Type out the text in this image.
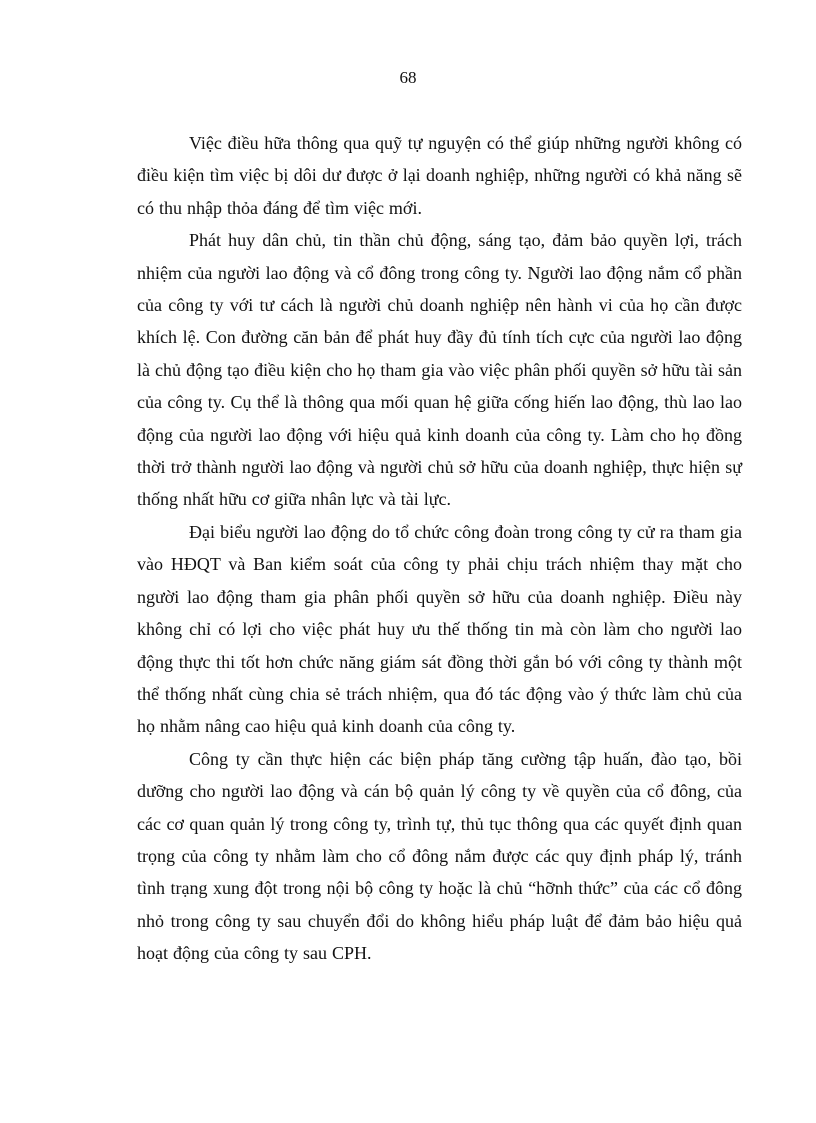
68

Việc điều hữa thông qua quỹ tự nguyện có thể giúp những người không có điều kiện tìm việc bị dôi dư được ở lại doanh nghiệp, những người có khả năng sẽ có thu nhập thỏa đáng để tìm việc mới.

Phát huy dân chủ, tin thần chủ động, sáng tạo, đảm bảo quyền lợi, trách nhiệm của người lao động và cổ đông trong công ty. Người lao động nắm cổ phần của công ty với tư cách là người chủ doanh nghiệp nên hành vi của họ cần được khích lệ. Con đường căn bản để phát huy đầy đủ tính tích cực của người lao động là chủ động tạo điều kiện cho họ tham gia vào việc phân phối quyền sở hữu tài sản của công ty. Cụ thể là thông qua mối quan hệ giữa cống hiến lao động, thù lao lao động của người lao động với hiệu quả kinh doanh của công ty. Làm cho họ đồng thời trở thành người lao động và người chủ sở hữu của doanh nghiệp, thực hiện sự thống nhất hữu cơ giữa nhân lực và tài lực.

Đại biểu người lao động do tổ chức công đoàn trong công ty cử ra tham gia vào HĐQT và Ban kiểm soát của công ty phải chịu trách nhiệm thay mặt cho người lao động tham gia phân phối quyền sở hữu của doanh nghiệp. Điều này không chỉ có lợi cho việc phát huy ưu thế thống tin mà còn làm cho người lao động thực thi tốt hơn chức năng giám sát đồng thời gắn bó với công ty thành một thể thống nhất cùng chia sẻ trách nhiệm, qua đó tác động vào ý thức làm chủ của họ nhằm nâng cao hiệu quả kinh doanh của công ty.

Công ty cần thực hiện các biện pháp tăng cường tập huấn, đào tạo, bồi dưỡng cho người lao động và cán bộ quản lý công ty về quyền của cổ đông, của các cơ quan quản lý trong công ty, trình tự, thủ tục thông qua các quyết định quan trọng của công ty nhằm làm cho cổ đông nắm được các quy định pháp lý, tránh tình trạng xung đột trong nội bộ công ty hoặc là chủ “hỡnh thức” của các cổ đông nhỏ trong công ty sau chuyển đổi do không hiểu pháp luật để đảm bảo hiệu quả hoạt động của công ty sau CPH.
